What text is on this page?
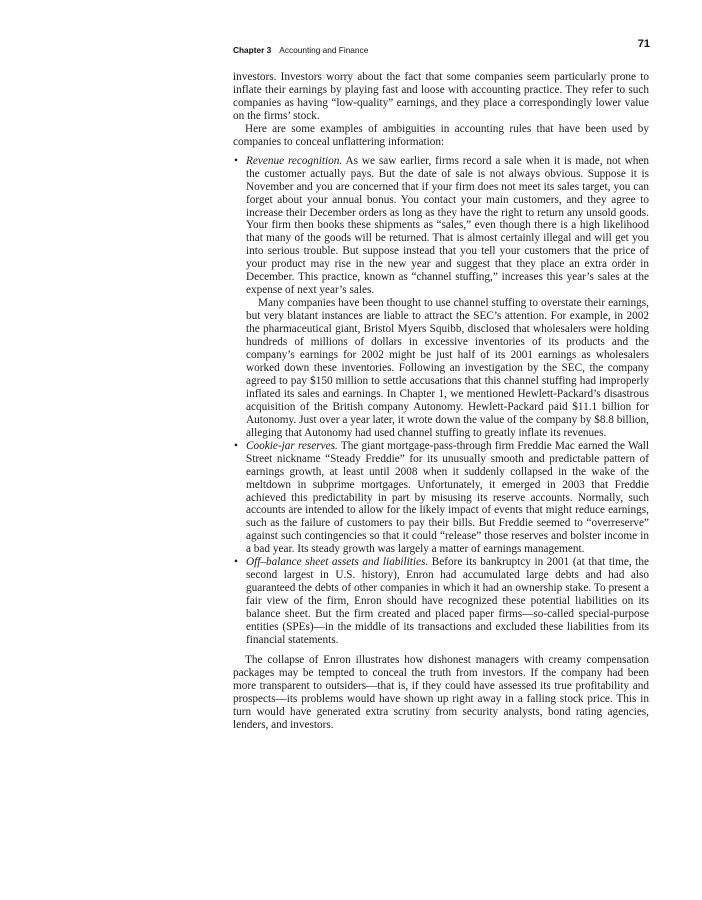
Chapter 3 Accounting and Finance	71

investors. Investors worry about the fact that some companies seem particularly prone to inflate their earnings by playing fast and loose with accounting practice. They refer to such companies as having “low-quality” earnings, and they place a correspondingly lower value on the firms’ stock.

Here are some examples of ambiguities in accounting rules that have been used by companies to conceal unflattering information:

• Revenue recognition. As we saw earlier, firms record a sale when it is made, not when the customer actually pays. But the date of sale is not always obvious. Suppose it is November and you are concerned that if your firm does not meet its sales target, you can forget about your annual bonus. You contact your main customers, and they agree to increase their December orders as long as they have the right to return any unsold goods. Your firm then books these shipments as “sales,” even though there is a high likelihood that many of the goods will be returned. That is almost certainly illegal and will get you into serious trouble. But suppose instead that you tell your customers that the price of your product may rise in the new year and suggest that they place an extra order in December. This practice, known as “channel stuffing,” increases this year’s sales at the expense of next year’s sales.

Many companies have been thought to use channel stuffing to overstate their earnings, but very blatant instances are liable to attract the SEC’s attention. For example, in 2002 the pharmaceutical giant, Bristol Myers Squibb, disclosed that wholesalers were holding hundreds of millions of dollars in excessive inventories of its products and the company’s earnings for 2002 might be just half of its 2001 earnings as wholesalers worked down these inventories. Following an investigation by the SEC, the company agreed to pay $150 million to settle accusations that this channel stuffing had improperly inflated its sales and earnings. In Chapter 1, we mentioned Hewlett-Packard’s disastrous acquisition of the British company Autonomy. Hewlett-Packard paid $11.1 billion for Autonomy. Just over a year later, it wrote down the value of the company by $8.8 billion, alleging that Autonomy had used channel stuffing to greatly inflate its revenues.

• Cookie-jar reserves. The giant mortgage-pass-through firm Freddie Mac earned the Wall Street nickname “Steady Freddie” for its unusually smooth and predictable pattern of earnings growth, at least until 2008 when it suddenly collapsed in the wake of the meltdown in subprime mortgages. Unfortunately, it emerged in 2003 that Freddie achieved this predictability in part by misusing its reserve accounts. Normally, such accounts are intended to allow for the likely impact of events that might reduce earnings, such as the failure of customers to pay their bills. But Freddie seemed to “overreserve” against such contingencies so that it could “release” those reserves and bolster income in a bad year. Its steady growth was largely a matter of earnings management.

• Off–balance sheet assets and liabilities. Before its bankruptcy in 2001 (at that time, the second largest in U.S. history), Enron had accumulated large debts and had also guaranteed the debts of other companies in which it had an ownership stake. To present a fair view of the firm, Enron should have recognized these potential liabilities on its balance sheet. But the firm created and placed paper firms—so-called special-purpose entities (SPEs)—in the middle of its transactions and excluded these liabilities from its financial statements.

The collapse of Enron illustrates how dishonest managers with creamy compensation packages may be tempted to conceal the truth from investors. If the company had been more transparent to outsiders—that is, if they could have assessed its true profitability and prospects—its problems would have shown up right away in a falling stock price. This in turn would have generated extra scrutiny from security analysts, bond rating agencies, lenders, and investors.
